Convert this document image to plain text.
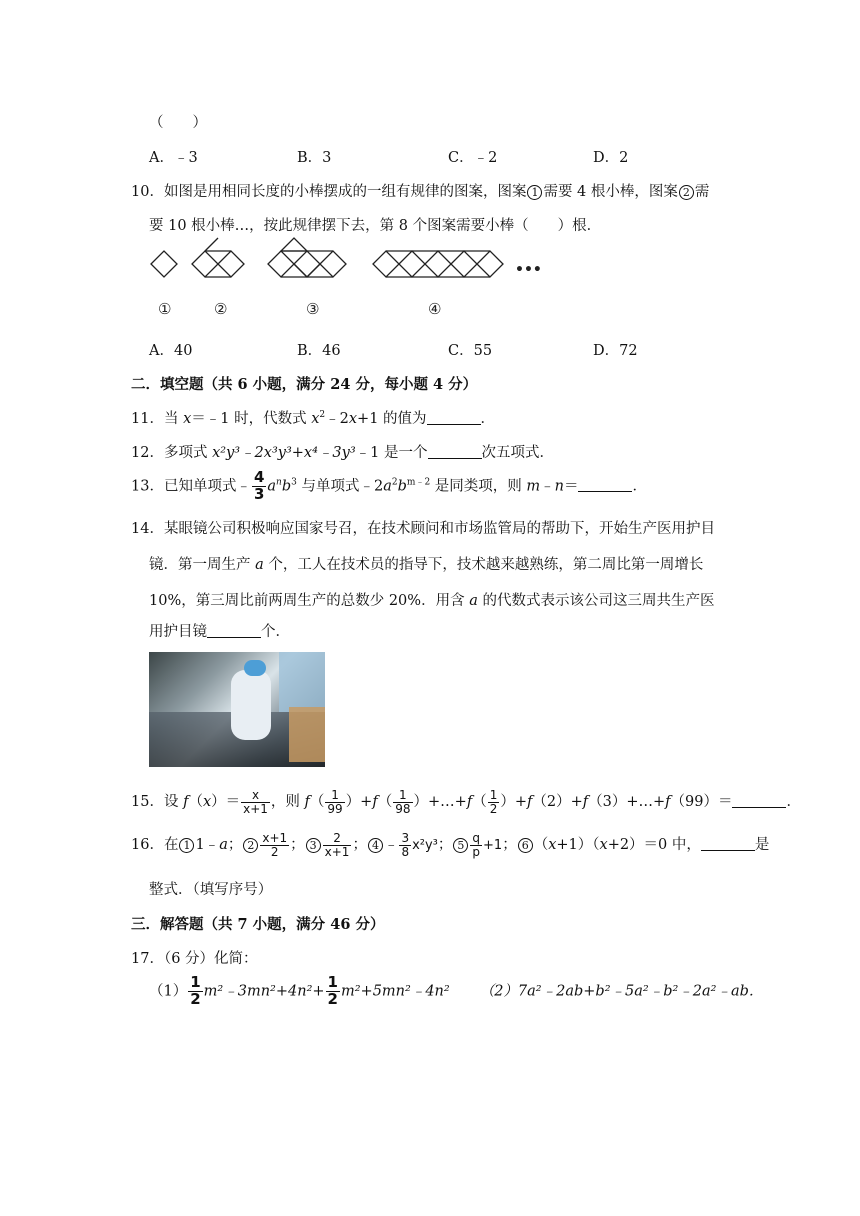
（　　）
A．﹣3	B．3	C．﹣2	D．2
10．如图是用相同长度的小棒摆成的一组有规律的图案，图案 1 需要 4 根小棒，图案 2 需
要 10 根小棒…，按此规律摆下去，第 8 个图案需要小棒（　　）根．
•••
①	②	③	④
A．40	B．46	C．55	D．72
二．填空题（共 6 小题，满分 24 分，每小题 4 分）
11．当 x＝﹣1 时，代数式 $x^2﹣2x+1$ 的值为	．
12．多项式 x²y³﹣2x³y³+x⁴﹣3y³﹣1 是一个	次五项式．
13．已知单项式﹣ $\frac{4}{3} a^nb^3$ 与单项式$﹣2a^2b^{m﹣2}$ 是同类项，则 m﹣n＝	．
14．某眼镜公司积极响应国家号召，在技术顾问和市场监管局的帮助下，开始生产医用护目
镜．第一周生产 a 个，工人在技术员的指导下，技术越来越熟练，第二周比第一周增长
10%，第三周比前两周生产的总数少 20%．用含 a 的代数式表示该公司这三周共生产医
用护目镜	个．
15．设 $f(x)= \frac{x}{x+1}$ ，则 $f( \frac{1}{99} )+f( \frac{1}{98}$ ）+…+f（ $\frac{1}{2}$ ）+f（2）+f（3）+…+f（99）＝	．
16．在 1 1﹣a； $2 \frac{x+1}{2}$ ； $3 \frac{2}{x+1}$ ； 4 ﹣ $\frac{3}{8} x^2y^3$； $5 \frac{q}{p} +1$； 6 （x+1）（x+2）＝0 中，	是
整式．（填写序号）
三．解答题（共 7 小题，满分 46 分）
17．（6 分）化简：
$(1) \frac{1}{2}$ m²﹣3mn²+4n²+ $\frac{1}{2}$ m²+5mn²﹣4n² （2）7a²﹣2ab+b²﹣5a²﹣b²﹣2a²﹣ab．
